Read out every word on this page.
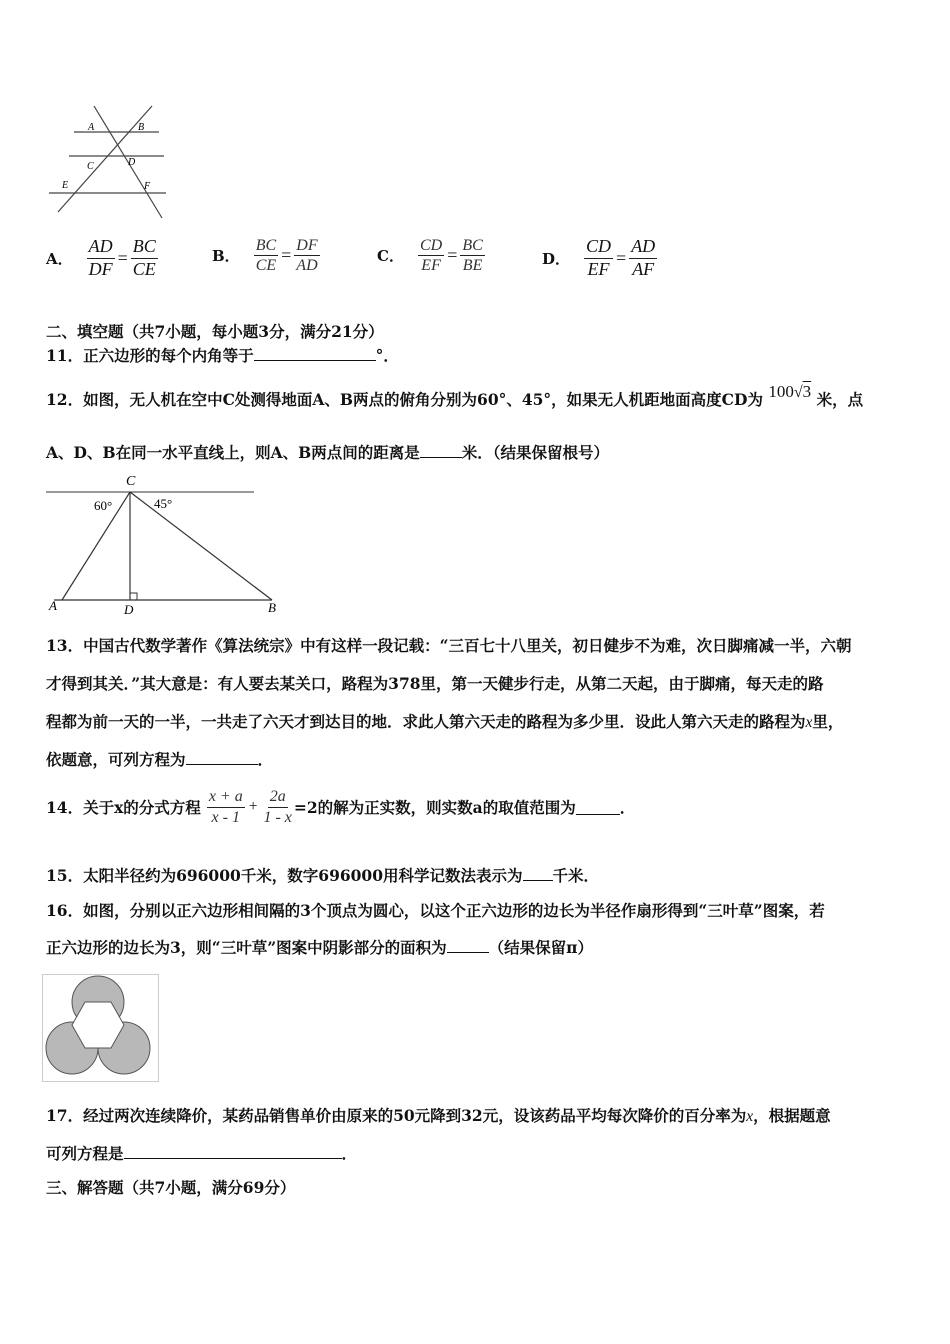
A	B
C	D
E	F
A． $\frac{AD}{DF} = \frac{BC}{CE}$	B． $\frac{BC}{CE} = \frac{DF}{AD}$	C． $\frac{CD}{EF} = \frac{BC}{BE}$	D． $\frac{CD}{EF} = \frac{AD}{AF}$
二、填空题（共7小题，每小题3分，满分21分）
11．正六边形的每个内角等于	°．
12．如图，无人机在空中C处测得地面A、B两点的俯角分别为60°、45°，如果无人机距地面高度CD为 100√3 米，点
A、D、B在同一水平直线上，则A、B两点间的距离是	米．（结果保留根号）
C
60°	45°
A	D	B
13．中国古代数学著作《算法统宗》中有这样一段记载：“三百七十八里关，初日健步不为难，次日脚痛减一半，六朝
才得到其关．”其大意是：有人要去某关口，路程为378里，第一天健步行走，从第二天起，由于脚痛，每天走的路
程都为前一天的一半，一共走了六天才到达目的地．求此人第六天走的路程为多少里．设此人第六天走的路程为x里，
依题意，可列方程为	．
14．关于x的分式方程 $\frac{x + a}{x - 1} + \frac{2a}{1 - x} =2$的解为正实数，则实数a的取值范围为	．
15．太阳半径约为696000千米，数字696000用科学记数法表示为 千米．
16．如图，分别以正六边形相间隔的3个顶点为圆心，以这个正六边形的边长为半径作扇形得到“三叶草”图案，若
正六边形的边长为3，则“三叶草”图案中阴影部分的面积为	（结果保留π）
17．经过两次连续降价，某药品销售单价由原来的50元降到32元，设该药品平均每次降价的百分率为x，根据题意
可列方程是	．
三、解答题（共7小题，满分69分）
